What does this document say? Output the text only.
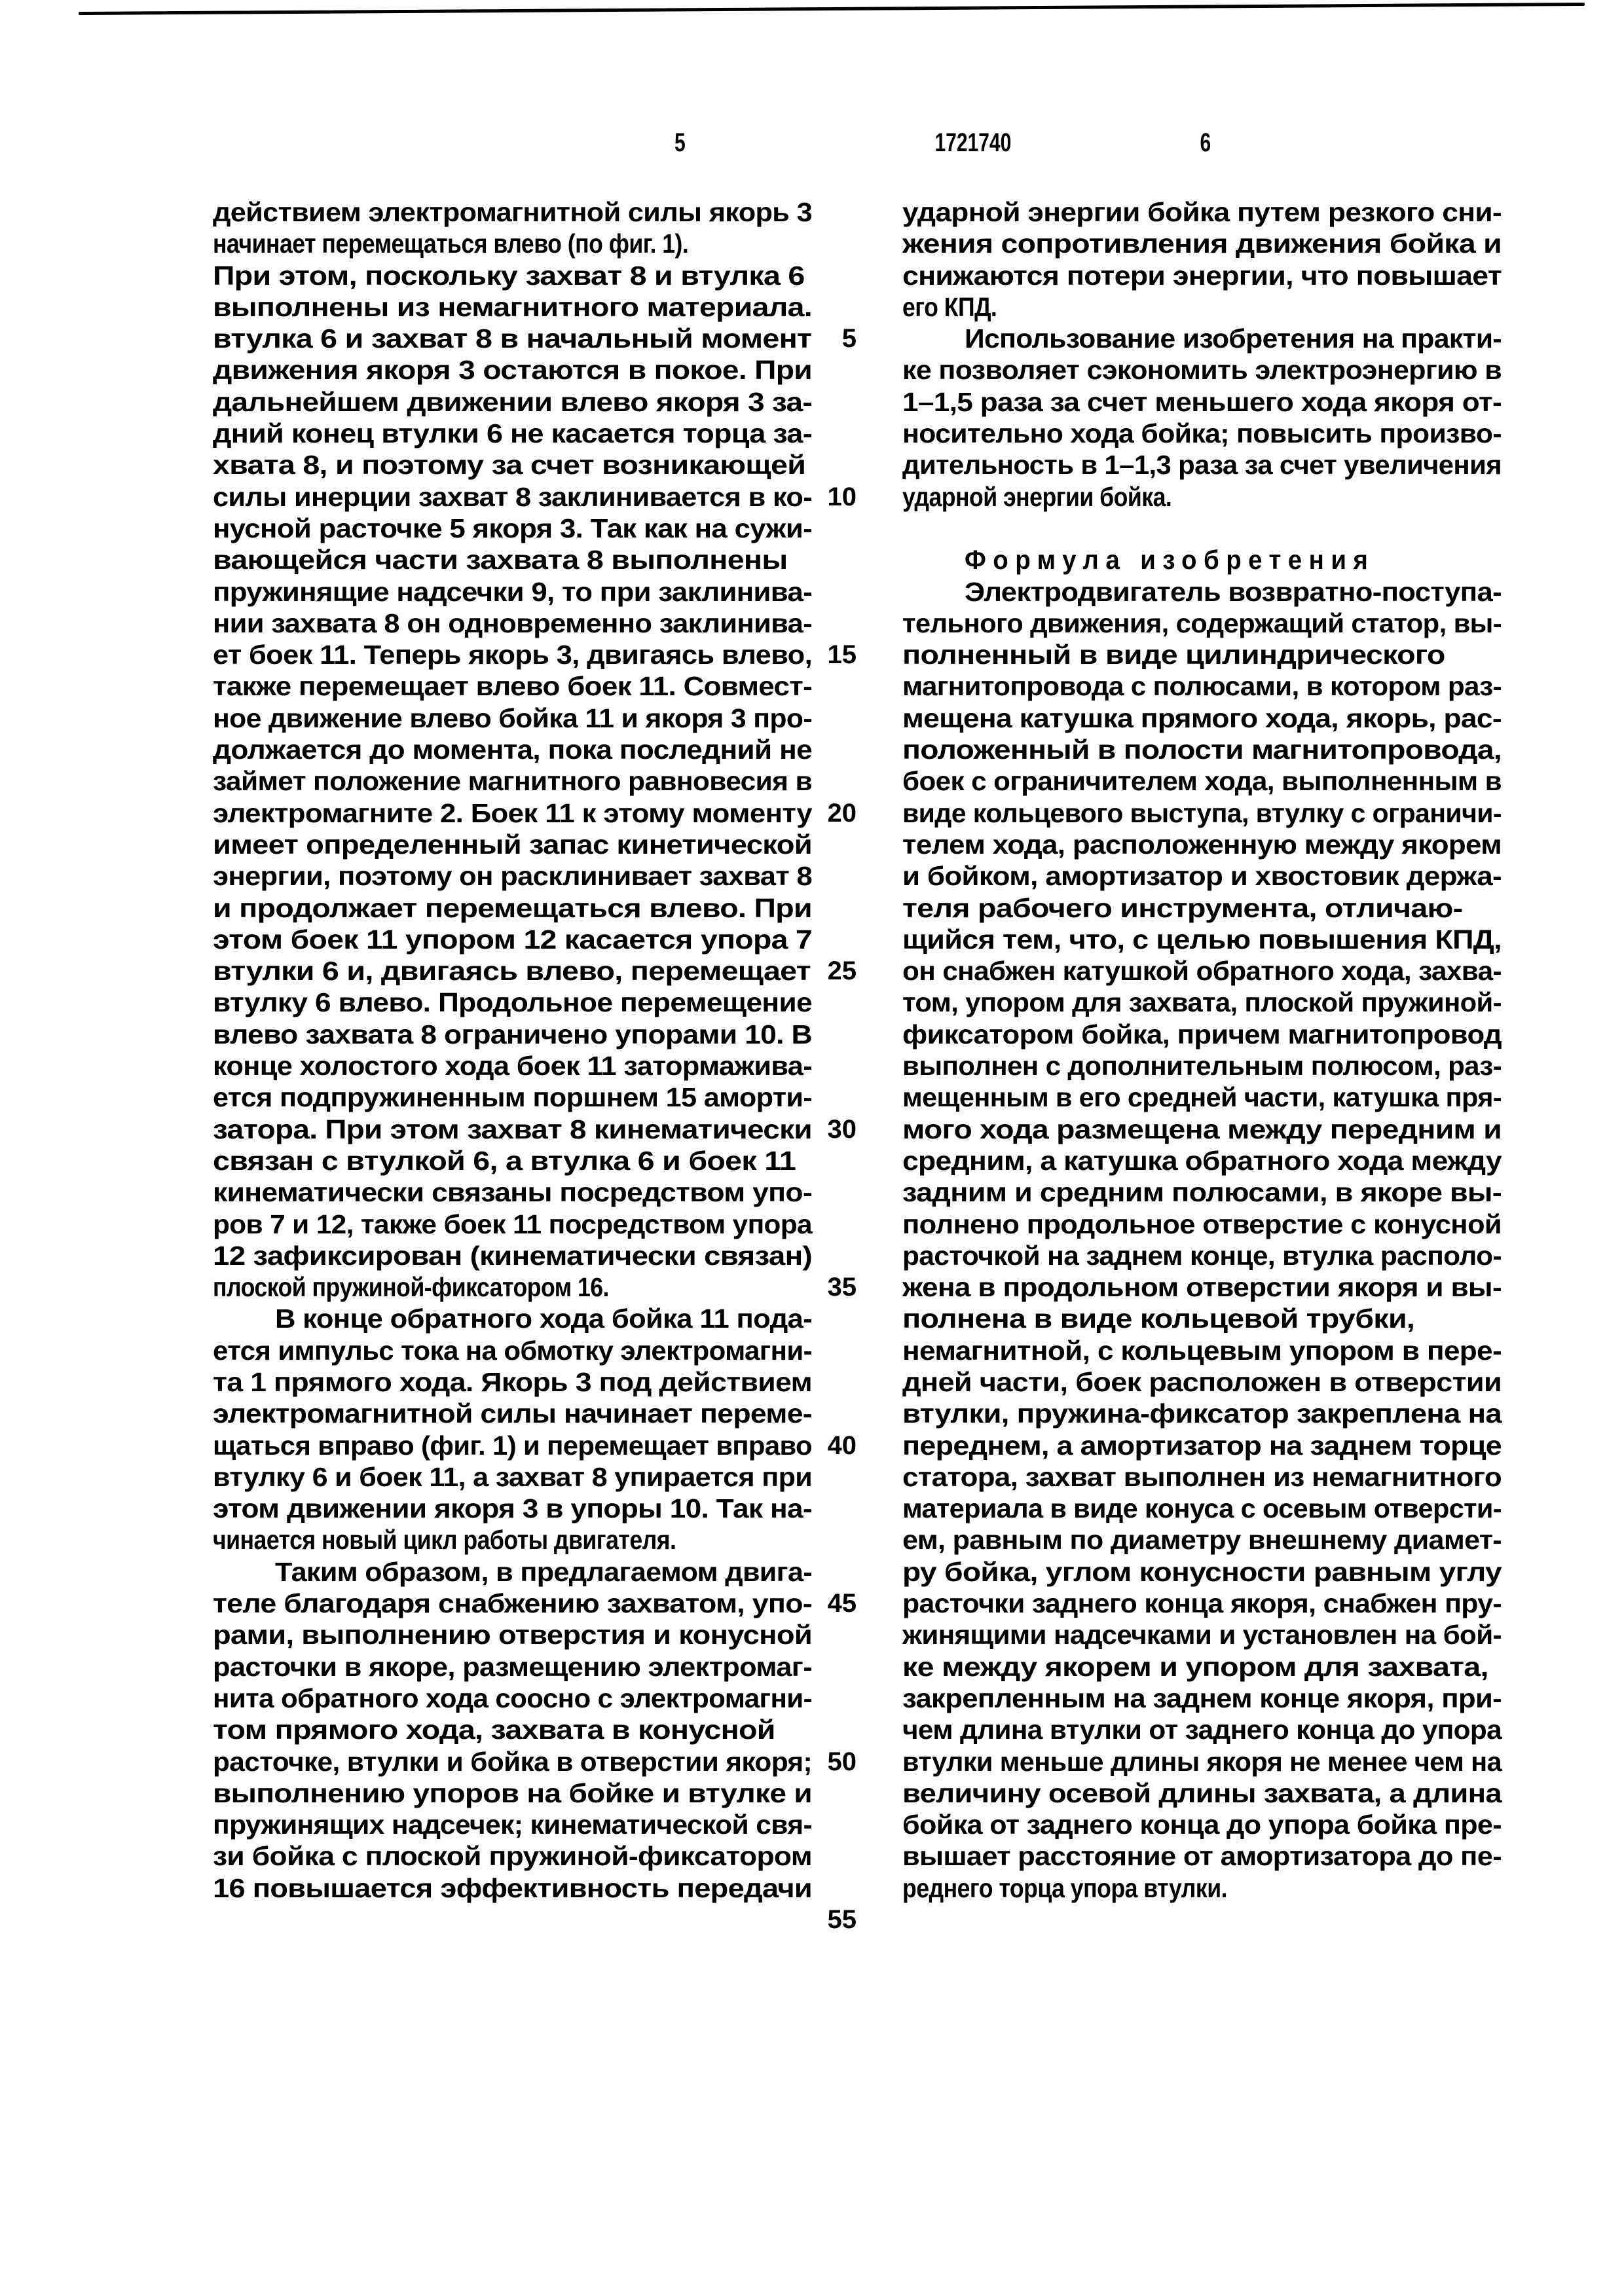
5	1721740	6
действием электромагнитной силы якорь 3
начинает перемещаться влево (по фиг. 1).
При этом, поскольку захват 8 и втулка 6
выполнены из немагнитного материала.
втулка 6 и захват 8 в начальный момент
движения якоря 3 остаются в покое. При
дальнейшем движении влево якоря 3 за-
дний конец втулки 6 не касается торца за-
хвата 8, и поэтому за счет возникающей
силы инерции захват 8 заклинивается в ко-
нусной расточке 5 якоря 3. Так как на сужи-
вающейся части захвата 8 выполнены
пружинящие надсечки 9, то при заклинива-
нии захвата 8 он одновременно заклинива-
ет боек 11. Теперь якорь 3, двигаясь влево,
также перемещает влево боек 11. Совмест-
ное движение влево бойка 11 и якоря 3 про-
должается до момента, пока последний не
займет положение магнитного равновесия в
электромагните 2. Боек 11 к этому моменту
имеет определенный запас кинетической
энергии, поэтому он расклинивает захват 8
и продолжает перемещаться влево. При
этом боек 11 упором 12 касается упора 7
втулки 6 и, двигаясь влево, перемещает
втулку 6 влево. Продольное перемещение
влево захвата 8 ограничено упорами 10. В
конце холостого хода боек 11 затормажива-
ется подпружиненным поршнем 15 аморти-
затора. При этом захват 8 кинематически
связан с втулкой 6, а втулка 6 и боек 11
кинематически связаны посредством упо-
ров 7 и 12, также боек 11 посредством упора
12 зафиксирован (кинематически связан)
плоской пружиной-фиксатором 16.
В конце обратного хода бойка 11 пода-
ется импульс тока на обмотку электромагни-
та 1 прямого хода. Якорь 3 под действием
электромагнитной силы начинает переме-
щаться вправо (фиг. 1) и перемещает вправо
втулку 6 и боек 11, а захват 8 упирается при
этом движении якоря 3 в упоры 10. Так на-
чинается новый цикл работы двигателя.
Таким образом, в предлагаемом двига-
теле благодаря снабжению захватом, упо-
рами, выполнению отверстия и конусной
расточки в якоре, размещению электромаг-
нита обратного хода соосно с электромагни-
том прямого хода, захвата в конусной
расточке, втулки и бойка в отверстии якоря;
выполнению упоров на бойке и втулке и
пружинящих надсечек; кинематической свя-
зи бойка с плоской пружиной-фиксатором
16 повышается эффективность передачи
5
10
15
20
25
30
35
40
45
50
55
ударной энергии бойка путем резкого сни-
жения сопротивления движения бойка и
снижаются потери энергии, что повышает
его КПД.
Использование изобретения на практи-
ке позволяет сэкономить электроэнергию в
1–1,5 раза за счет меньшего хода якоря от-
носительно хода бойка; повысить произво-
дительность в 1–1,3 раза за счет увеличения
ударной энергии бойка.
Формула изобретения
Электродвигатель возвратно-поступа-
тельного движения, содержащий статор, вы-
полненный в виде цилиндрического
магнитопровода с полюсами, в котором раз-
мещена катушка прямого хода, якорь, рас-
положенный в полости магнитопровода,
боек с ограничителем хода, выполненным в
виде кольцевого выступа, втулку с ограничи-
телем хода, расположенную между якорем
и бойком, амортизатор и хвостовик держа-
теля рабочего инструмента, отличаю-
щийся тем, что, с целью повышения КПД,
он снабжен катушкой обратного хода, захва-
том, упором для захвата, плоской пружиной-
фиксатором бойка, причем магнитопровод
выполнен с дополнительным полюсом, раз-
мещенным в его средней части, катушка пря-
мого хода размещена между передним и
средним, а катушка обратного хода между
задним и средним полюсами, в якоре вы-
полнено продольное отверстие с конусной
расточкой на заднем конце, втулка располо-
жена в продольном отверстии якоря и вы-
полнена в виде кольцевой трубки,
немагнитной, с кольцевым упором в пере-
дней части, боек расположен в отверстии
втулки, пружина-фиксатор закреплена на
переднем, а амортизатор на заднем торце
статора, захват выполнен из немагнитного
материала в виде конуса с осевым отверсти-
ем, равным по диаметру внешнему диамет-
ру бойка, углом конусности равным углу
расточки заднего конца якоря, снабжен пру-
жинящими надсечками и установлен на бой-
ке между якорем и упором для захвата,
закрепленным на заднем конце якоря, при-
чем длина втулки от заднего конца до упора
втулки меньше длины якоря не менее чем на
величину осевой длины захвата, а длина
бойка от заднего конца до упора бойка пре-
вышает расстояние от амортизатора до пе-
реднего торца упора втулки.
